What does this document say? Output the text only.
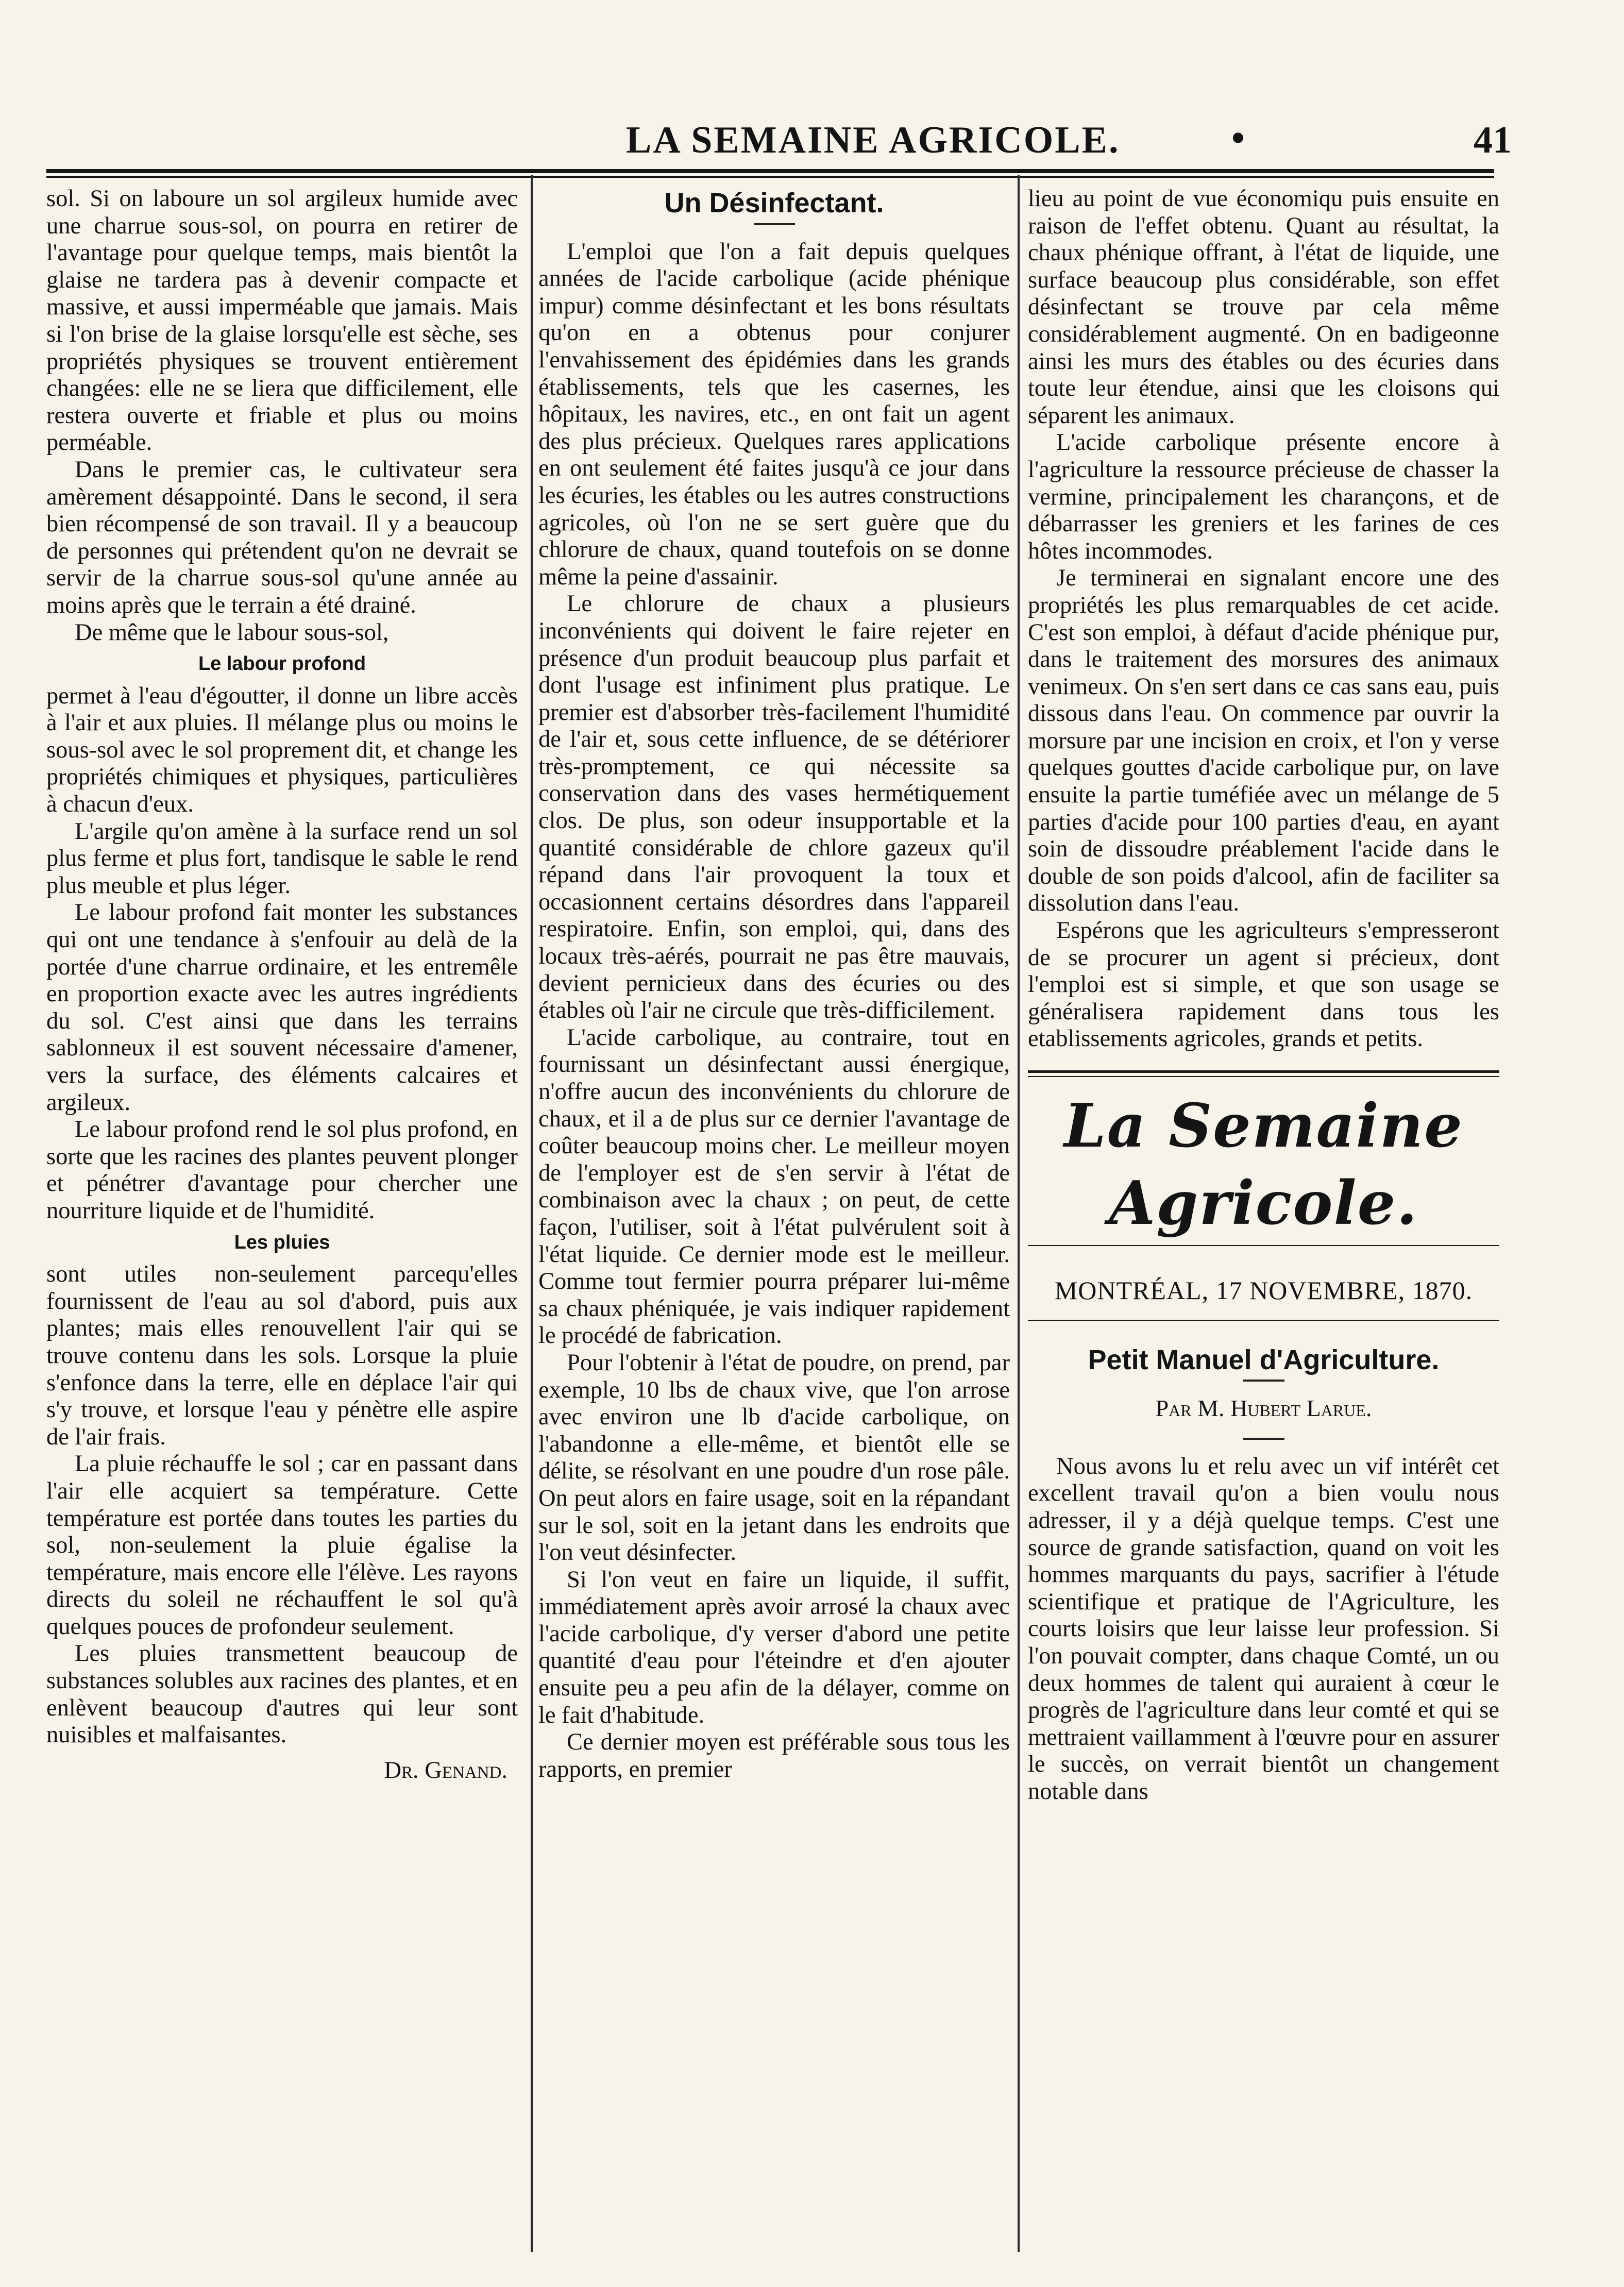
LA SEMAINE AGRICOLE.	•	41

sol. Si on laboure un sol argileux humide avec une charrue sous-sol, on pourra en retirer de l'avantage pour quelque temps, mais bientôt la glaise ne tardera pas à devenir compacte et massive, et aussi imperméable que jamais. Mais si l'on brise de la glaise lorsqu'elle est sèche, ses propriétés physiques se trouvent entièrement changées: elle ne se liera que difficilement, elle restera ouverte et friable et plus ou moins perméable.

Dans le premier cas, le cultivateur sera amèrement désappointé. Dans le second, il sera bien récompensé de son travail. Il y a beaucoup de personnes qui prétendent qu'on ne devrait se servir de la charrue sous-sol qu'une année au moins après que le terrain a été drainé.

De même que le labour sous-sol,

Le labour profond

permet à l'eau d'égoutter, il donne un libre accès à l'air et aux pluies. Il mélange plus ou moins le sous-sol avec le sol proprement dit, et change les propriétés chimiques et physiques, particulières à chacun d'eux.

L'argile qu'on amène à la surface rend un sol plus ferme et plus fort, tandisque le sable le rend plus meuble et plus léger.

Le labour profond fait monter les substances qui ont une tendance à s'enfouir au delà de la portée d'une charrue ordinaire, et les entremêle en proportion exacte avec les autres ingrédients du sol. C'est ainsi que dans les terrains sablonneux il est souvent nécessaire d'amener, vers la surface, des éléments calcaires et argileux.

Le labour profond rend le sol plus profond, en sorte que les racines des plantes peuvent plonger et pénétrer d'avantage pour chercher une nourriture liquide et de l'humidité.

Les pluies

sont utiles non-seulement parcequ'elles fournissent de l'eau au sol d'abord, puis aux plantes; mais elles renouvellent l'air qui se trouve contenu dans les sols. Lorsque la pluie s'enfonce dans la terre, elle en déplace l'air qui s'y trouve, et lorsque l'eau y pénètre elle aspire de l'air frais.

La pluie réchauffe le sol ; car en passant dans l'air elle acquiert sa température. Cette température est portée dans toutes les parties du sol, non-seulement la pluie égalise la température, mais encore elle l'élève. Les rayons directs du soleil ne réchauffent le sol qu'à quelques pouces de profondeur seulement.

Les pluies transmettent beaucoup de substances solubles aux racines des plantes, et en enlèvent beaucoup d'autres qui leur sont nuisibles et malfaisantes.

Dr. Genand.
Un Désinfectant.

L'emploi que l'on a fait depuis quelques années de l'acide carbolique (acide phénique impur) comme désinfectant et les bons résultats qu'on en a obtenus pour conjurer l'envahissement des épidémies dans les grands établissements, tels que les casernes, les hôpitaux, les navires, etc., en ont fait un agent des plus précieux. Quelques rares applications en ont seulement été faites jusqu'à ce jour dans les écuries, les étables ou les autres constructions agricoles, où l'on ne se sert guère que du chlorure de chaux, quand toutefois on se donne même la peine d'assainir.

Le chlorure de chaux a plusieurs inconvénients qui doivent le faire rejeter en présence d'un produit beaucoup plus parfait et dont l'usage est infiniment plus pratique. Le premier est d'absorber très-facilement l'humidité de l'air et, sous cette influence, de se détériorer très-promptement, ce qui nécessite sa conservation dans des vases hermétiquement clos. De plus, son odeur insupportable et la quantité considérable de chlore gazeux qu'il répand dans l'air provoquent la toux et occasionnent certains désordres dans l'appareil respiratoire. Enfin, son emploi, qui, dans des locaux très-aérés, pourrait ne pas être mauvais, devient pernicieux dans des écuries ou des étables où l'air ne circule que très-difficilement.

L'acide carbolique, au contraire, tout en fournissant un désinfectant aussi énergique, n'offre aucun des inconvénients du chlorure de chaux, et il a de plus sur ce dernier l'avantage de coûter beaucoup moins cher. Le meilleur moyen de l'employer est de s'en servir à l'état de combinaison avec la chaux ; on peut, de cette façon, l'utiliser, soit à l'état pulvérulent soit à l'état liquide. Ce dernier mode est le meilleur. Comme tout fermier pourra préparer lui-même sa chaux phéniquée, je vais indiquer rapidement le procédé de fabrication.

Pour l'obtenir à l'état de poudre, on prend, par exemple, 10 lbs de chaux vive, que l'on arrose avec environ une lb d'acide carbolique, on l'abandonne a elle-même, et bientôt elle se délite, se résolvant en une poudre d'un rose pâle. On peut alors en faire usage, soit en la répandant sur le sol, soit en la jetant dans les endroits que l'on veut désinfecter.

Si l'on veut en faire un liquide, il suffit, immédiatement après avoir arrosé la chaux avec l'acide carbolique, d'y verser d'abord une petite quantité d'eau pour l'éteindre et d'en ajouter ensuite peu a peu afin de la délayer, comme on le fait d'habitude.

Ce dernier moyen est préférable sous tous les rapports, en premier

lieu au point de vue économiqu puis ensuite en raison de l'effet obtenu. Quant au résultat, la chaux phénique offrant, à l'état de liquide, une surface beaucoup plus considérable, son effet désinfectant se trouve par cela même considérablement augmenté. On en badigeonne ainsi les murs des étables ou des écuries dans toute leur étendue, ainsi que les cloisons qui séparent les animaux.

L'acide carbolique présente encore à l'agriculture la ressource précieuse de chasser la vermine, principalement les charançons, et de débarrasser les greniers et les farines de ces hôtes incommodes.

Je terminerai en signalant encore une des propriétés les plus remarquables de cet acide. C'est son emploi, à défaut d'acide phénique pur, dans le traitement des morsures des animaux venimeux. On s'en sert dans ce cas sans eau, puis dissous dans l'eau. On commence par ouvrir la morsure par une incision en croix, et l'on y verse quelques gouttes d'acide carbolique pur, on lave ensuite la partie tuméfiée avec un mélange de 5 parties d'acide pour 100 parties d'eau, en ayant soin de dissoudre préablement l'acide dans le double de son poids d'alcool, afin de faciliter sa dissolution dans l'eau.

Espérons que les agriculteurs s'empresseront de se procurer un agent si précieux, dont l'emploi est si simple, et que son usage se généralisera rapidement dans tous les etablissements agricoles, grands et petits.

La Semaine Agricole.
MONTRÉAL, 17 NOVEMBRE, 1870.
Petit Manuel d'Agriculture.
Par M. Hubert Larue.

Nous avons lu et relu avec un vif intérêt cet excellent travail qu'on a bien voulu nous adresser, il y a déjà quelque temps. C'est une source de grande satisfaction, quand on voit les hommes marquants du pays, sacrifier à l'étude scientifique et pratique de l'Agriculture, les courts loisirs que leur laisse leur profession. Si l'on pouvait compter, dans chaque Comté, un ou deux hommes de talent qui auraient à cœur le progrès de l'agriculture dans leur comté et qui se mettraient vaillamment à l'œuvre pour en assurer le succès, on verrait bientôt un changement notable dans
